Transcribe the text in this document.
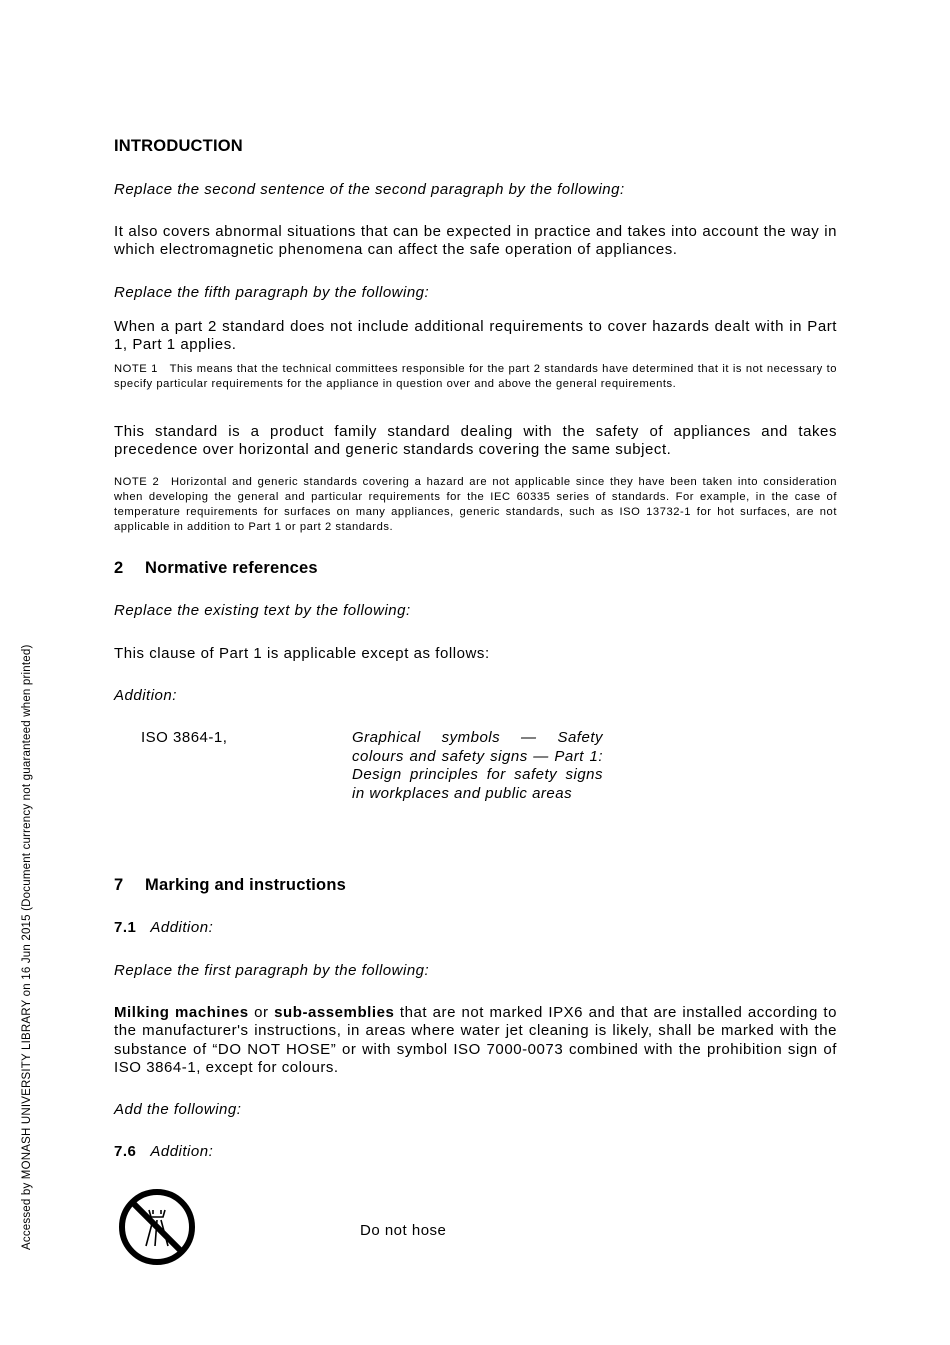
Accessed by MONASH UNIVERSITY LIBRARY on 16 Jun 2015 (Document currency not guaranteed when printed)
INTRODUCTION
Replace the second sentence of the second paragraph by the following:
It also covers abnormal situations that can be expected in practice and takes into account the way in which electromagnetic phenomena can affect the safe operation of appliances.
Replace the fifth paragraph by the following:
When a part 2 standard does not include additional requirements to cover hazards dealt with in Part 1, Part 1 applies.
NOTE 1 This means that the technical committees responsible for the part 2 standards have determined that it is not necessary to specify particular requirements for the appliance in question over and above the general requirements.
This standard is a product family standard dealing with the safety of appliances and takes precedence over horizontal and generic standards covering the same subject.
NOTE 2 Horizontal and generic standards covering a hazard are not applicable since they have been taken into consideration when developing the general and particular requirements for the IEC 60335 series of standards. For example, in the case of temperature requirements for surfaces on many appliances, generic standards, such as ISO 13732-1 for hot surfaces, are not applicable in addition to Part 1 or part 2 standards.
2 Normative references
Replace the existing text by the following:
This clause of Part 1 is applicable except as follows:
Addition:
ISO 3864-1,	Graphical symbols — Safety colours and safety signs — Part 1: Design principles for safety signs in workplaces and public areas
7 Marking and instructions
7.1 Addition:
Replace the first paragraph by the following:
Milking machines or sub-assemblies that are not marked IPX6 and that are installed according to the manufacturer's instructions, in areas where water jet cleaning is likely, shall be marked with the substance of “DO NOT HOSE” or with symbol ISO 7000-0073 combined with the prohibition sign of ISO 3864-1, except for colours.
Add the following:
7.6 Addition:
Do not hose
